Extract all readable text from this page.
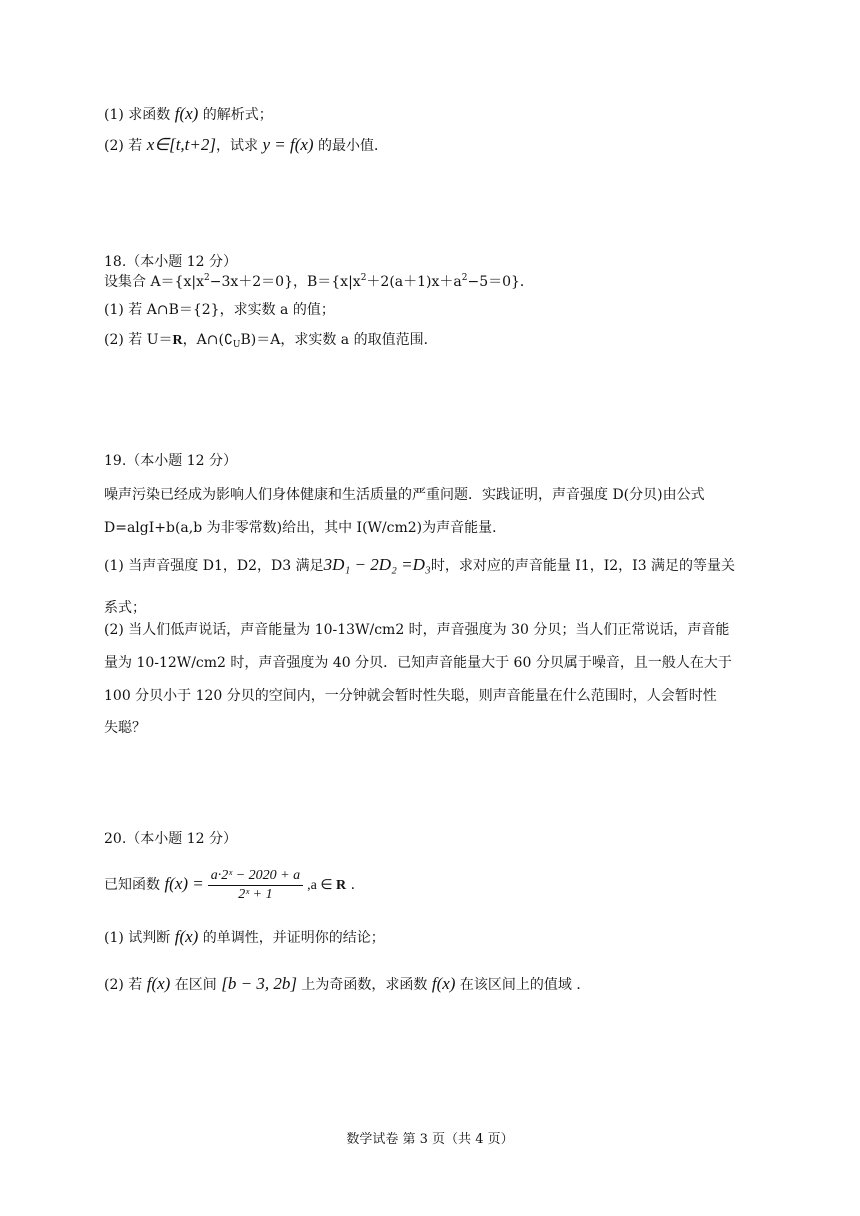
(1) 求函数 f(x) 的解析式；
(2) 若 x∈[t,t+2]，试求 y = f(x) 的最小值．
18.（本小题 12 分）
设集合 $A=\{x|x^2-3x+2=0\}$，$B=\{x|x^2+2(a+1)x+a^2-5=0\}$．
(1) 若 A∩B＝{2}，求实数 a 的值；
(2) 若 U＝R，$A\cap(∁_UB)=A$，求实数 a 的取值范围．
19.（本小题 12 分）
噪声污染已经成为影响人们身体健康和生活质量的严重问题．实践证明，声音强度 D(分贝)由公式
D=algI+b(a,b 为非零常数)给出，其中 I(W/cm2)为声音能量．
(1) 当声音强度 D1，D2，D3 满足3D₁ − 2D₂ =D₃时，求对应的声音能量 I1，I2，I3 满足的等量关
系式；
(2) 当人们低声说话，声音能量为 10-13W/cm2 时，声音强度为 30 分贝；当人们正常说话，声音能
量为 10-12W/cm2 时，声音强度为 40 分贝．已知声音能量大于 60 分贝属于噪音，且一般人在大于
100 分贝小于 120 分贝的空间内，一分钟就会暂时性失聪，则声音能量在什么范围时，人会暂时性
失聪？
20.（本小题 12 分）
已知函数 $f(x) = \frac{\text{a·2ˣ − 2020 + a}}{\text{2ˣ + 1}} ,a$ ∈ R .
(1) 试判断 f(x) 的单调性，并证明你的结论；
(2) 若 f(x) 在区间 [b − 3, 2b] 上为奇函数，求函数 f(x) 在该区间上的值域 ．
数学试卷 第 3 页（共 4 页）
